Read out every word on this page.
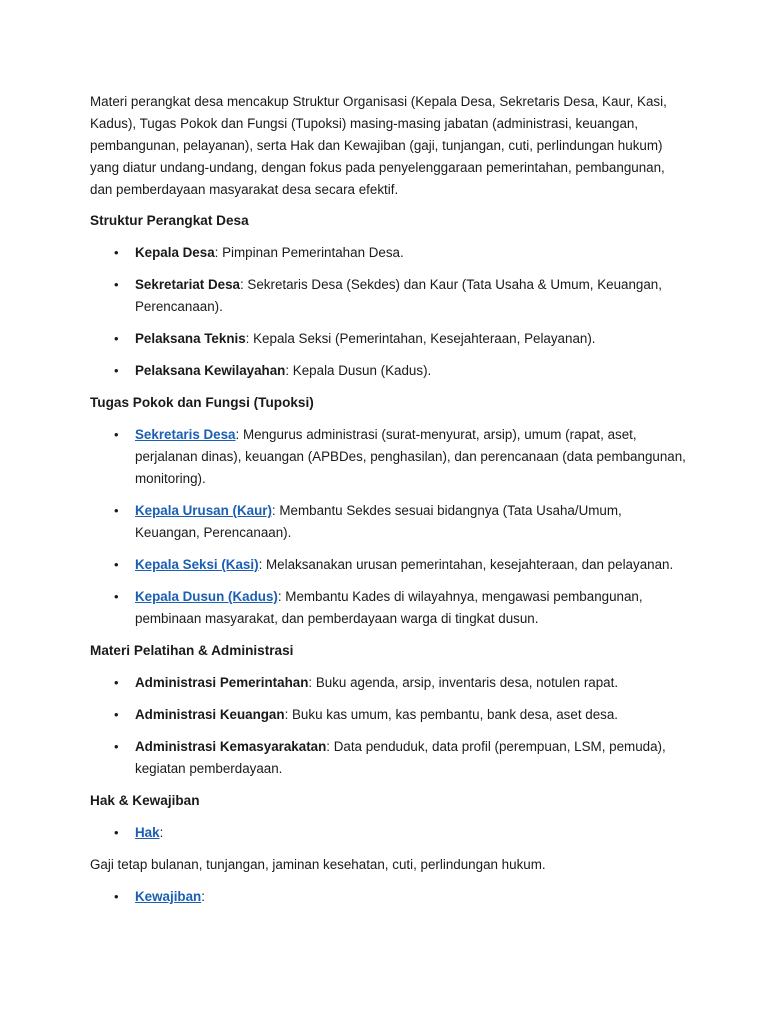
Materi perangkat desa mencakup Struktur Organisasi (Kepala Desa, Sekretaris Desa, Kaur, Kasi, Kadus), Tugas Pokok dan Fungsi (Tupoksi) masing-masing jabatan (administrasi, keuangan, pembangunan, pelayanan), serta Hak dan Kewajiban (gaji, tunjangan, cuti, perlindungan hukum) yang diatur undang-undang, dengan fokus pada penyelenggaraan pemerintahan, pembangunan, dan pemberdayaan masyarakat desa secara efektif.

Struktur Perangkat Desa
• Kepala Desa: Pimpinan Pemerintahan Desa.
• Sekretariat Desa: Sekretaris Desa (Sekdes) dan Kaur (Tata Usaha & Umum, Keuangan, Perencanaan).
• Pelaksana Teknis: Kepala Seksi (Pemerintahan, Kesejahteraan, Pelayanan).
• Pelaksana Kewilayahan: Kepala Dusun (Kadus).
Tugas Pokok dan Fungsi (Tupoksi)
• Sekretaris Desa: Mengurus administrasi (surat-menyurat, arsip), umum (rapat, aset, perjalanan dinas), keuangan (APBDes, penghasilan), dan perencanaan (data pembangunan, monitoring).
• Kepala Urusan (Kaur): Membantu Sekdes sesuai bidangnya (Tata Usaha/Umum, Keuangan, Perencanaan).
• Kepala Seksi (Kasi): Melaksanakan urusan pemerintahan, kesejahteraan, dan pelayanan.
• Kepala Dusun (Kadus): Membantu Kades di wilayahnya, mengawasi pembangunan, pembinaan masyarakat, dan pemberdayaan warga di tingkat dusun.
Materi Pelatihan & Administrasi
• Administrasi Pemerintahan: Buku agenda, arsip, inventaris desa, notulen rapat.
• Administrasi Keuangan: Buku kas umum, kas pembantu, bank desa, aset desa.
• Administrasi Kemasyarakatan: Data penduduk, data profil (perempuan, LSM, pemuda), kegiatan pemberdayaan.
Hak & Kewajiban
• Hak:

Gaji tetap bulanan, tunjangan, jaminan kesehatan, cuti, perlindungan hukum.

• Kewajiban:
